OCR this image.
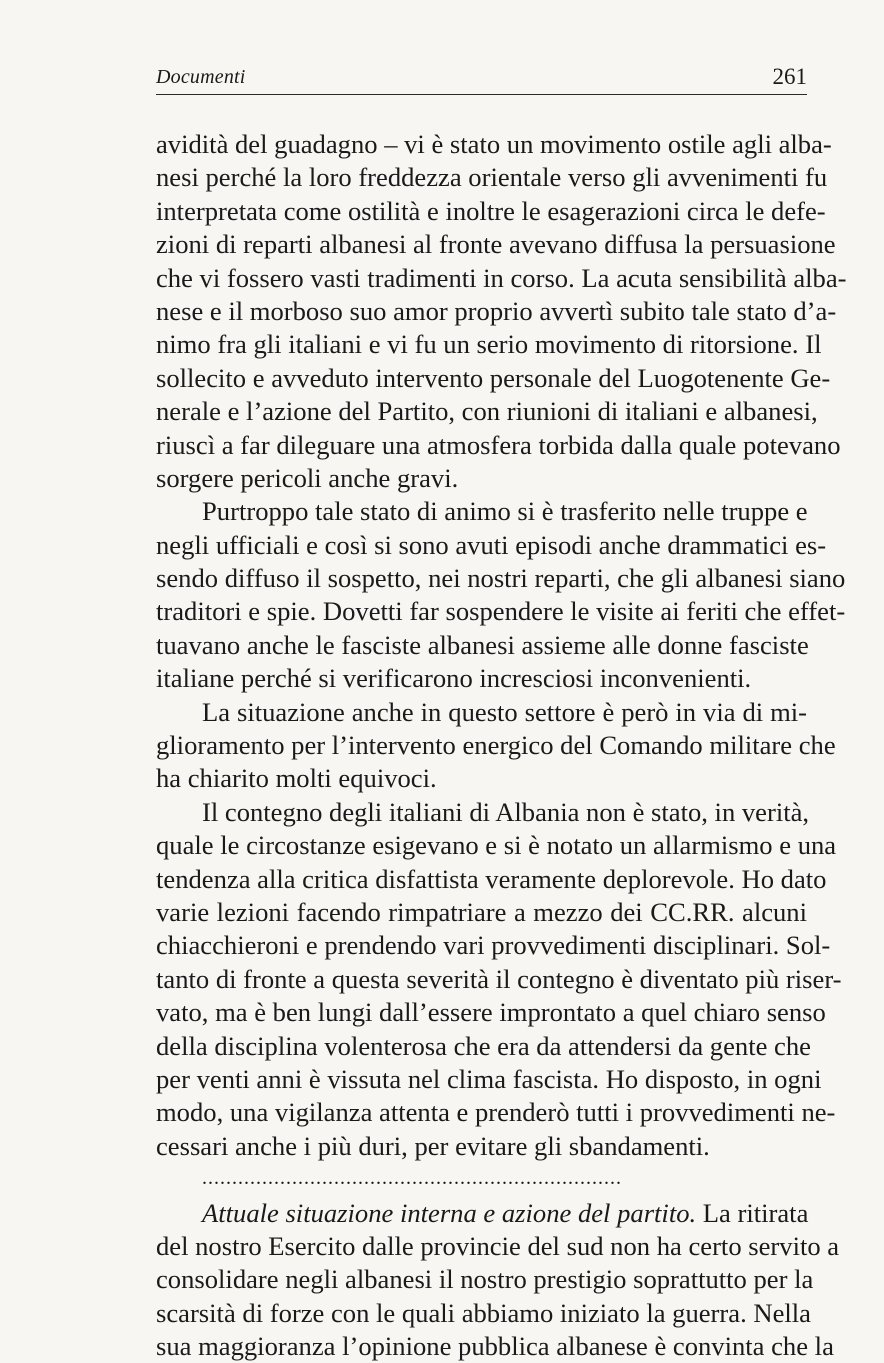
Documenti	261
avidità del guadagno – vi è stato un movimento ostile agli alba-
nesi perché la loro freddezza orientale verso gli avvenimenti fu
interpretata come ostilità e inoltre le esagerazioni circa le defe-
zioni di reparti albanesi al fronte avevano diffusa la persuasione
che vi fossero vasti tradimenti in corso. La acuta sensibilità alba-
nese e il morboso suo amor proprio avvertì subito tale stato d’a-
nimo fra gli italiani e vi fu un serio movimento di ritorsione. Il
sollecito e avveduto intervento personale del Luogotenente Ge-
nerale e l’azione del Partito, con riunioni di italiani e albanesi,
riuscì a far dileguare una atmosfera torbida dalla quale potevano
sorgere pericoli anche gravi.
Purtroppo tale stato di animo si è trasferito nelle truppe e
negli ufficiali e così si sono avuti episodi anche drammatici es-
sendo diffuso il sospetto, nei nostri reparti, che gli albanesi siano
traditori e spie. Dovetti far sospendere le visite ai feriti che effet-
tuavano anche le fasciste albanesi assieme alle donne fasciste
italiane perché si verificarono incresciosi inconvenienti.
La situazione anche in questo settore è però in via di mi-
glioramento per l’intervento energico del Comando militare che
ha chiarito molti equivoci.
Il contegno degli italiani di Albania non è stato, in verità,
quale le circostanze esigevano e si è notato un allarmismo e una
tendenza alla critica disfattista veramente deplorevole. Ho dato
varie lezioni facendo rimpatriare a mezzo dei CC.RR. alcuni
chiacchieroni e prendendo vari provvedimenti disciplinari. Sol-
tanto di fronte a questa severità il contegno è diventato più riser-
vato, ma è ben lungi dall’essere improntato a quel chiaro senso
della disciplina volenterosa che era da attendersi da gente che
per venti anni è vissuta nel clima fascista. Ho disposto, in ogni
modo, una vigilanza attenta e prenderò tutti i provvedimenti ne-
cessari anche i più duri, per evitare gli sbandamenti.
......................................................................
Attuale situazione interna e azione del partito. La ritirata
del nostro Esercito dalle provincie del sud non ha certo servito a
consolidare negli albanesi il nostro prestigio soprattutto per la
scarsità di forze con le quali abbiamo iniziato la guerra. Nella
sua maggioranza l’opinione pubblica albanese è convinta che la
